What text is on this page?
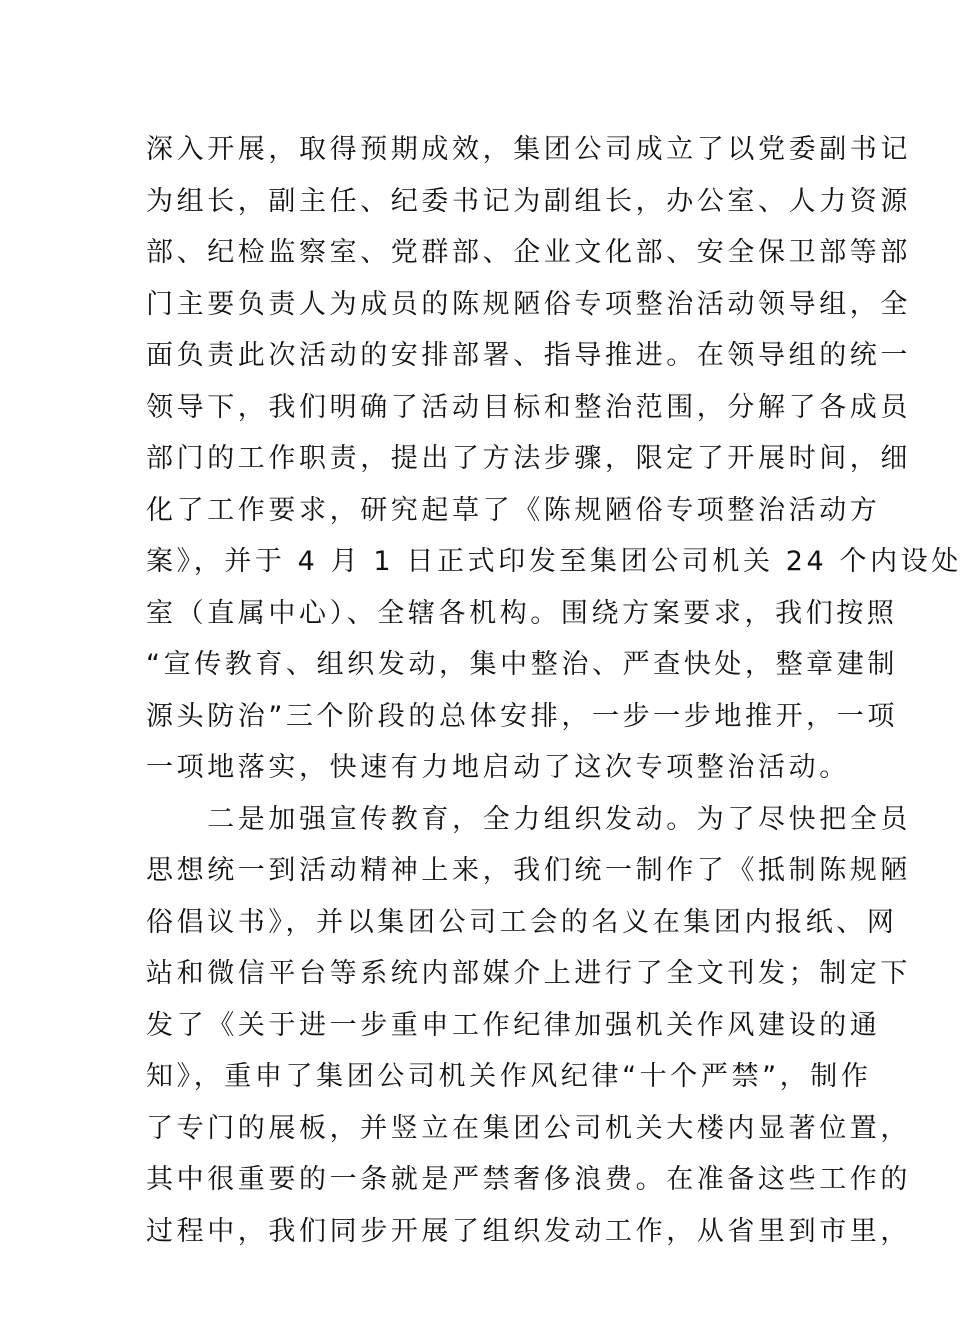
深入开展，取得预期成效，集团公司成立了以党委副书记
为组长，副主任、纪委书记为副组长，办公室、人力资源
部、纪检监察室、党群部、企业文化部、安全保卫部等部
门主要负责人为成员的陈规陋俗专项整治活动领导组，全
面负责此次活动的安排部署、指导推进。在领导组的统一
领导下，我们明确了活动目标和整治范围，分解了各成员
部门的工作职责，提出了方法步骤，限定了开展时间，细
化了工作要求，研究起草了《陈规陋俗专项整治活动方
案》，并于 4 月 1 日正式印发至集团公司机关 24 个内设处
室（直属中心）、全辖各机构。围绕方案要求，我们按照
“宣传教育、组织发动，集中整治、严查快处，整章建制
源头防治”三个阶段的总体安排，一步一步地推开，一项
一项地落实，快速有力地启动了这次专项整治活动。
　　二是加强宣传教育，全力组织发动。为了尽快把全员
思想统一到活动精神上来，我们统一制作了《抵制陈规陋
俗倡议书》，并以集团公司工会的名义在集团内报纸、网
站和微信平台等系统内部媒介上进行了全文刊发；制定下
发了《关于进一步重申工作纪律加强机关作风建设的通
知》，重申了集团公司机关作风纪律“十个严禁”，制作
了专门的展板，并竖立在集团公司机关大楼内显著位置，
其中很重要的一条就是严禁奢侈浪费。在准备这些工作的
过程中，我们同步开展了组织发动工作，从省里到市里，
